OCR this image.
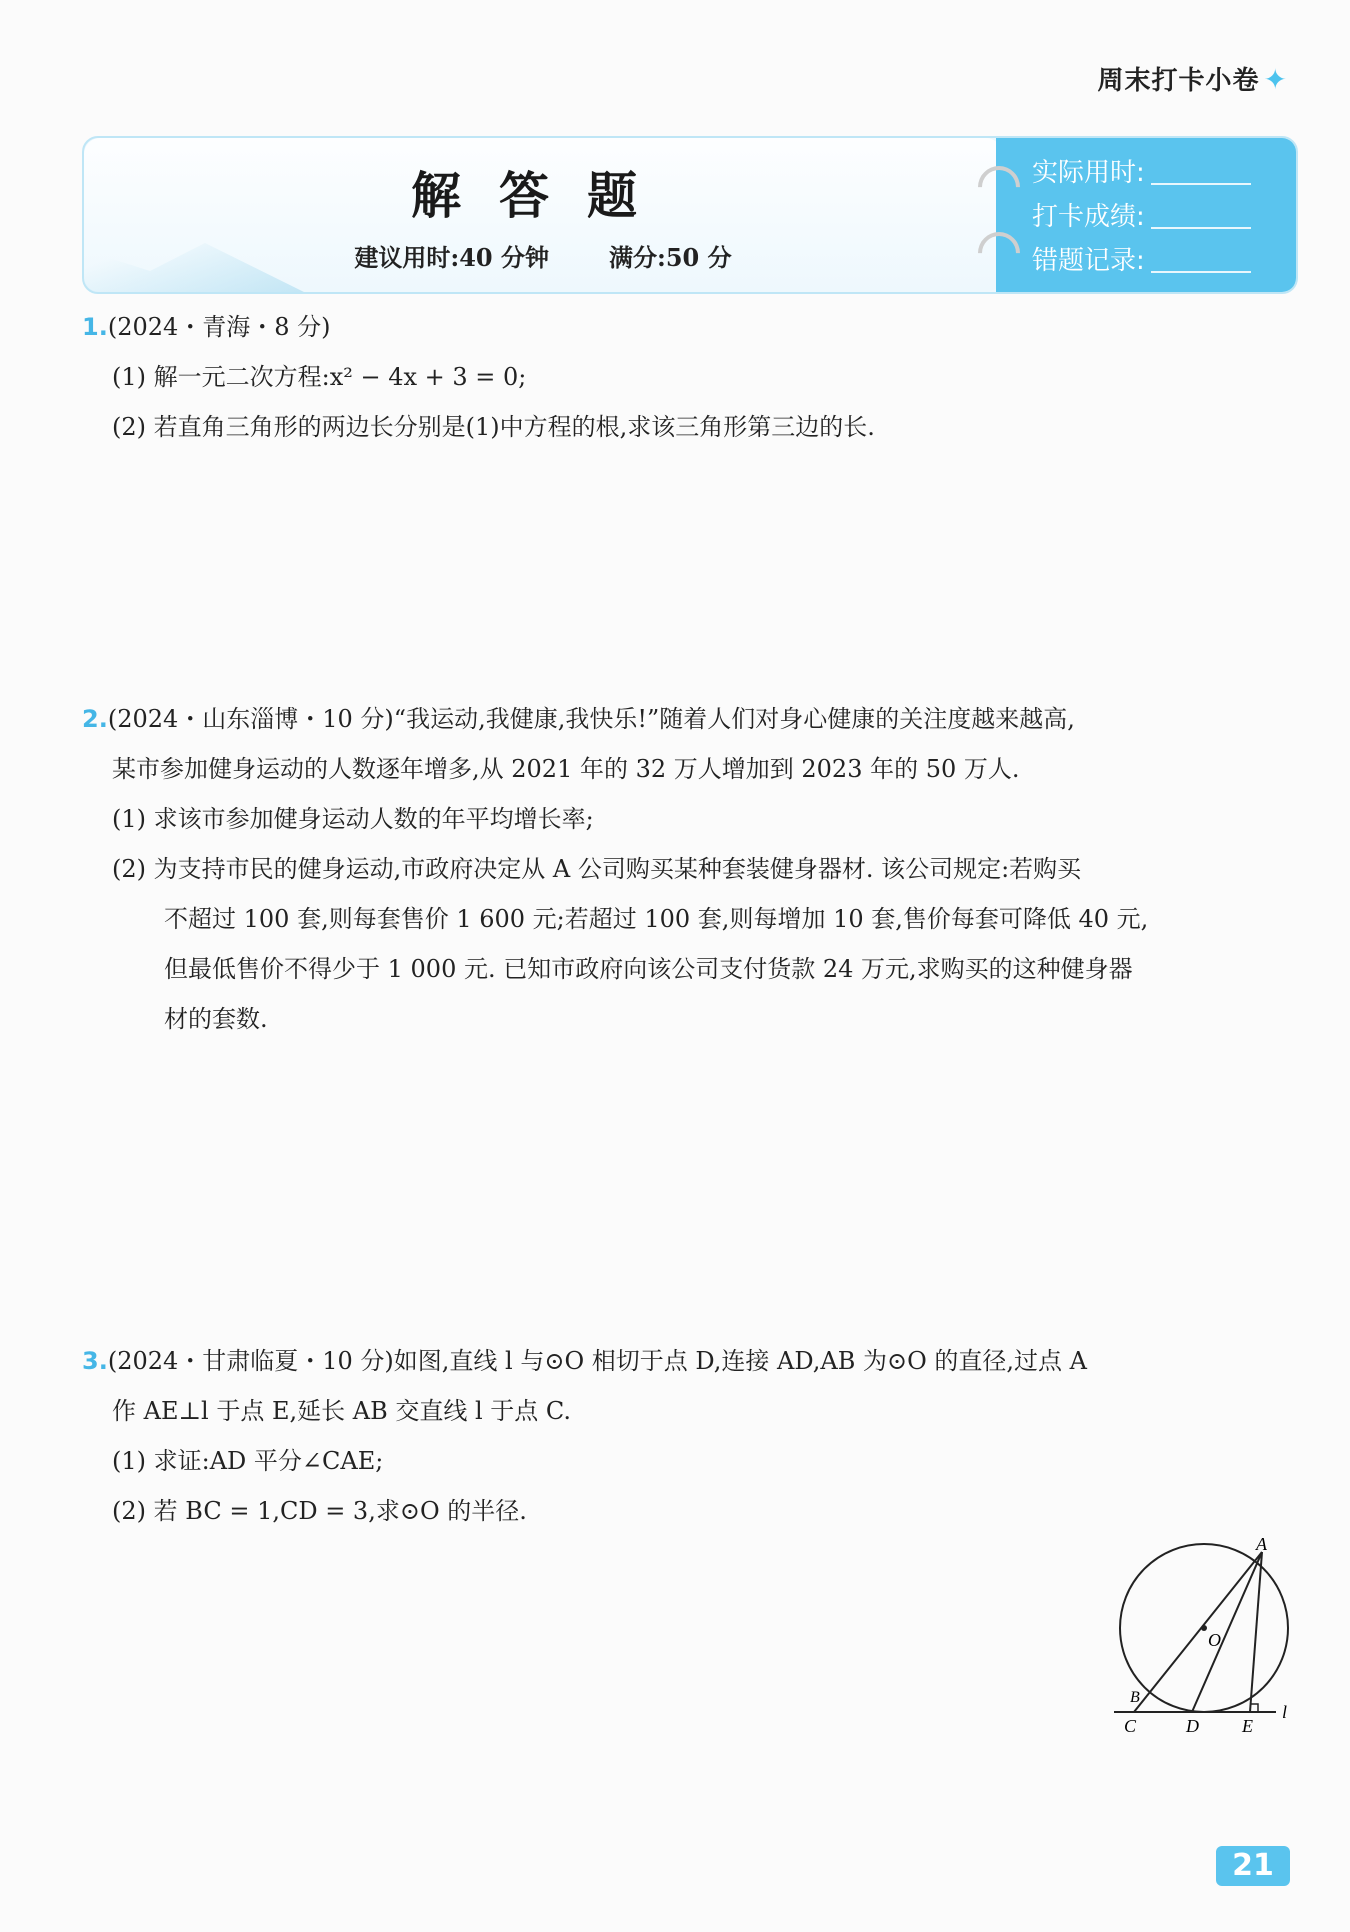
周末打卡小卷 ✦
解答题
建议用时:40 分钟	满分:50 分
实际用时:
打卡成绩:
错题记录:
1.(2024・青海・8 分)
(1) 解一元二次方程:x² − 4x + 3 = 0;
(2) 若直角三角形的两边长分别是(1)中方程的根,求该三角形第三边的长.
2.(2024・山东淄博・10 分)“我运动,我健康,我快乐!”随着人们对身心健康的关注度越来越高,
某市参加健身运动的人数逐年增多,从 2021 年的 32 万人增加到 2023 年的 50 万人.
(1) 求该市参加健身运动人数的年平均增长率;
(2) 为支持市民的健身运动,市政府决定从 A 公司购买某种套装健身器材. 该公司规定:若购买
不超过 100 套,则每套售价 1 600 元;若超过 100 套,则每增加 10 套,售价每套可降低 40 元,
但最低售价不得少于 1 000 元. 已知市政府向该公司支付货款 24 万元,求购买的这种健身器
材的套数.
3.(2024・甘肃临夏・10 分)如图,直线 l 与⊙O 相切于点 D,连接 AD,AB 为⊙O 的直径,过点 A
作 AE⊥l 于点 E,延长 AB 交直线 l 于点 C.
(1) 求证:AD 平分∠CAE;
(2) 若 BC = 1,CD = 3,求⊙O 的半径.
A
O
B
C	D E
l
21
